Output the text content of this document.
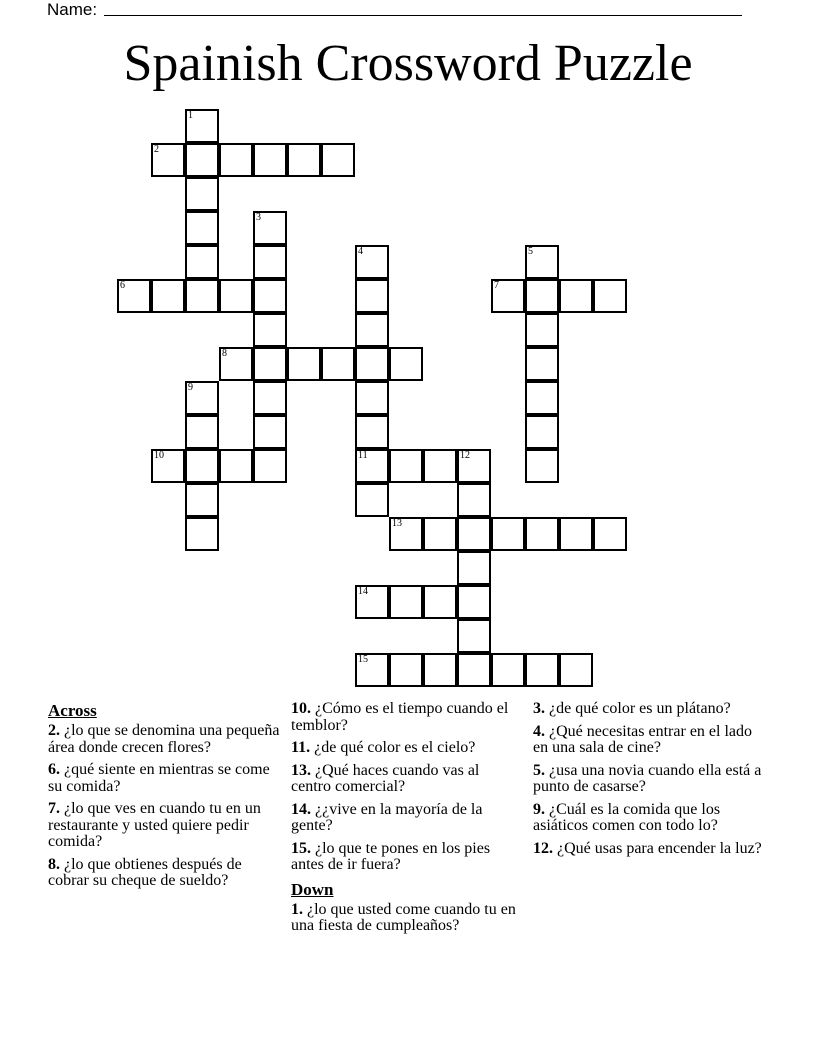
Name:
Spainish Crossword Puzzle
1
2
3
4
11
5
6	7
8
9
10	12
13
14
15
Across
2. ¿lo que se denomina una pequeña área donde crecen flores?
6. ¿qué siente en mientras se come su comida?
7. ¿lo que ves en cuando tu en un restaurante y usted quiere pedir comida?
8. ¿lo que obtienes después de cobrar su cheque de sueldo?
10. ¿Cómo es el tiempo cuando el temblor?
11. ¿de qué color es el cielo?
13. ¿Qué haces cuando vas al centro comercial?
14. ¿¿vive en la mayoría de la gente?
15. ¿lo que te pones en los pies antes de ir fuera?
Down
1. ¿lo que usted come cuando tu en una fiesta de cumpleaños?
3. ¿de qué color es un plátano?
4. ¿Qué necesitas entrar en el lado en una sala de cine?
5. ¿usa una novia cuando ella está a punto de casarse?
9. ¿Cuál es la comida que los asiáticos comen con todo lo?
12. ¿Qué usas para encender la luz?
